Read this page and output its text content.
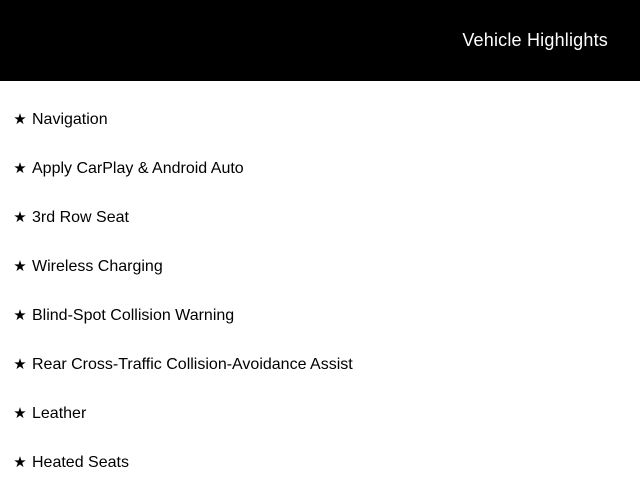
Vehicle Highlights
★ Navigation
★ Apply CarPlay & Android Auto
★ 3rd Row Seat
★ Wireless Charging
★ Blind-Spot Collision Warning
★ Rear Cross-Traffic Collision-Avoidance Assist
★ Leather
★ Heated Seats
